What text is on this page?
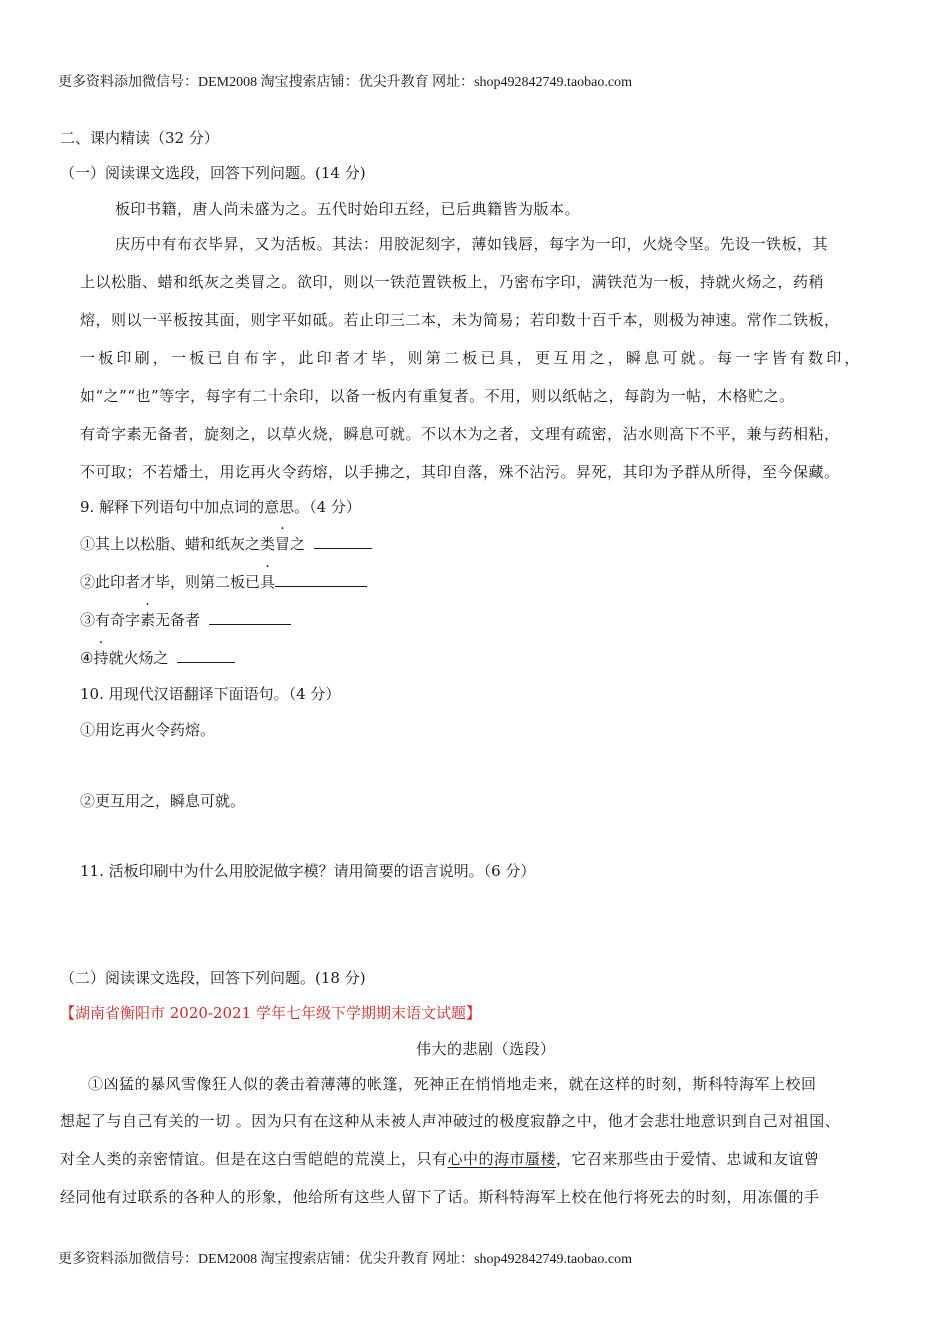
更多资料添加微信号：DEM2008 淘宝搜索店铺：优尖升教育 网址：shop492842749.taobao.com
二、课内精读（32 分）
（一）阅读课文选段，回答下列问题。(14 分)
板印书籍，唐人尚未盛为之。五代时始印五经，已后典籍皆为版本。
庆历中有布衣毕昇，又为活板。其法：用胶泥刻字，薄如钱唇，每字为一印，火烧令坚。先设一铁板，其
上以松脂、蜡和纸灰之类冒之。欲印，则以一铁范置铁板上，乃密布字印，满铁范为一板，持就火炀之，药稍
熔，则以一平板按其面，则字平如砥。若止印三二本，未为简易；若印数十百千本，则极为神速。常作二铁板，
一板印刷，一板已自布字，此印者才毕，则第二板已具，更互用之，瞬息可就。每一字皆有数印，
如“之”“也”等字，每字有二十余印，以备一板内有重复者。不用，则以纸帖之，每韵为一帖，木格贮之。
有奇字素无备者，旋刻之，以草火烧，瞬息可就。不以木为之者，文理有疏密，沾水则高下不平，兼与药相粘，
不可取；不若燔土，用讫再火令药熔，以手拂之，其印自落，殊不沾污。昇死，其印为予群从所得，至今保藏。
9. 解释下列语句中加点词的意思。（4 分）
①其上以松脂、蜡和纸灰之类冒之
②此印者才毕，则第二板已具
③有奇字素无备者
④持就火炀之
10. 用现代汉语翻译下面语句。（4 分）
①用讫再火令药熔。
②更互用之，瞬息可就。
11. 活板印刷中为什么用胶泥做字模？请用简要的语言说明。（6 分）
（二）阅读课文选段，回答下列问题。(18 分)
【湖南省衡阳市 2020-2021 学年七年级下学期期末语文试题】
伟大的悲剧（选段）
①凶猛的暴风雪像狂人似的袭击着薄薄的帐篷，死神正在悄悄地走来，就在这样的时刻，斯科特海军上校回
想起了与自己有关的一切 。因为只有在这种从未被人声冲破过的极度寂静之中，他才会悲壮地意识到自己对祖国、
对全人类的亲密情谊。但是在这白雪皑皑的荒漠上，只有心中的海市蜃楼，它召来那些由于爱情、忠诚和友谊曾
经同他有过联系的各种人的形象，他给所有这些人留下了话。斯科特海军上校在他行将死去的时刻，用冻僵的手
更多资料添加微信号：DEM2008 淘宝搜索店铺：优尖升教育 网址：shop492842749.taobao.com
